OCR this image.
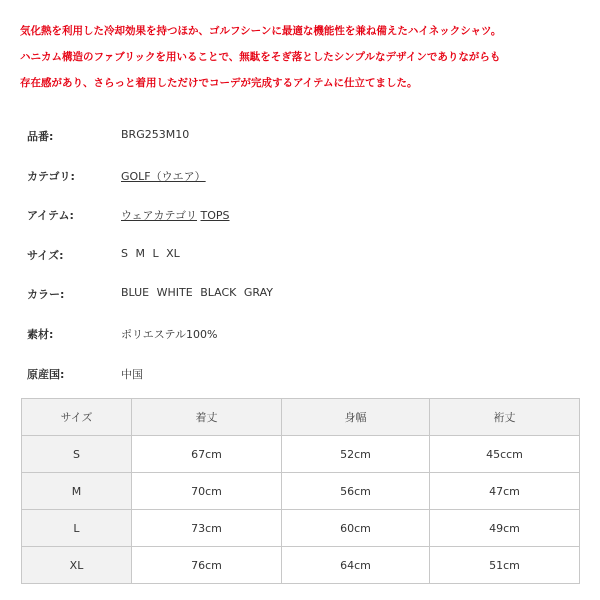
気化熱を利用した冷却効果を持つほか、ゴルフシーンに最適な機能性を兼ね備えたハイネックシャツ。

ハニカム構造のファブリックを用いることで、無駄をそぎ落としたシンプルなデザインでありながらも

存在感があり、さらっと着用しただけでコーデが完成するアイテムに仕立てました。

品番:	BRG253M10
カテゴリ:	GOLF（ウエア）
アイテム:	ウェアカテゴリ TOPS
サイズ:	S M L XL
カラー:	BLUE WHITE BLACK GRAY
素材:	ポリエステル100%
原産国:	中国
サイズ	着丈	身幅	裄丈
S	67cm	52cm	45ccm
M	70cm	56cm	47cm
L	73cm	60cm	49cm
XL	76cm	64cm	51cm
